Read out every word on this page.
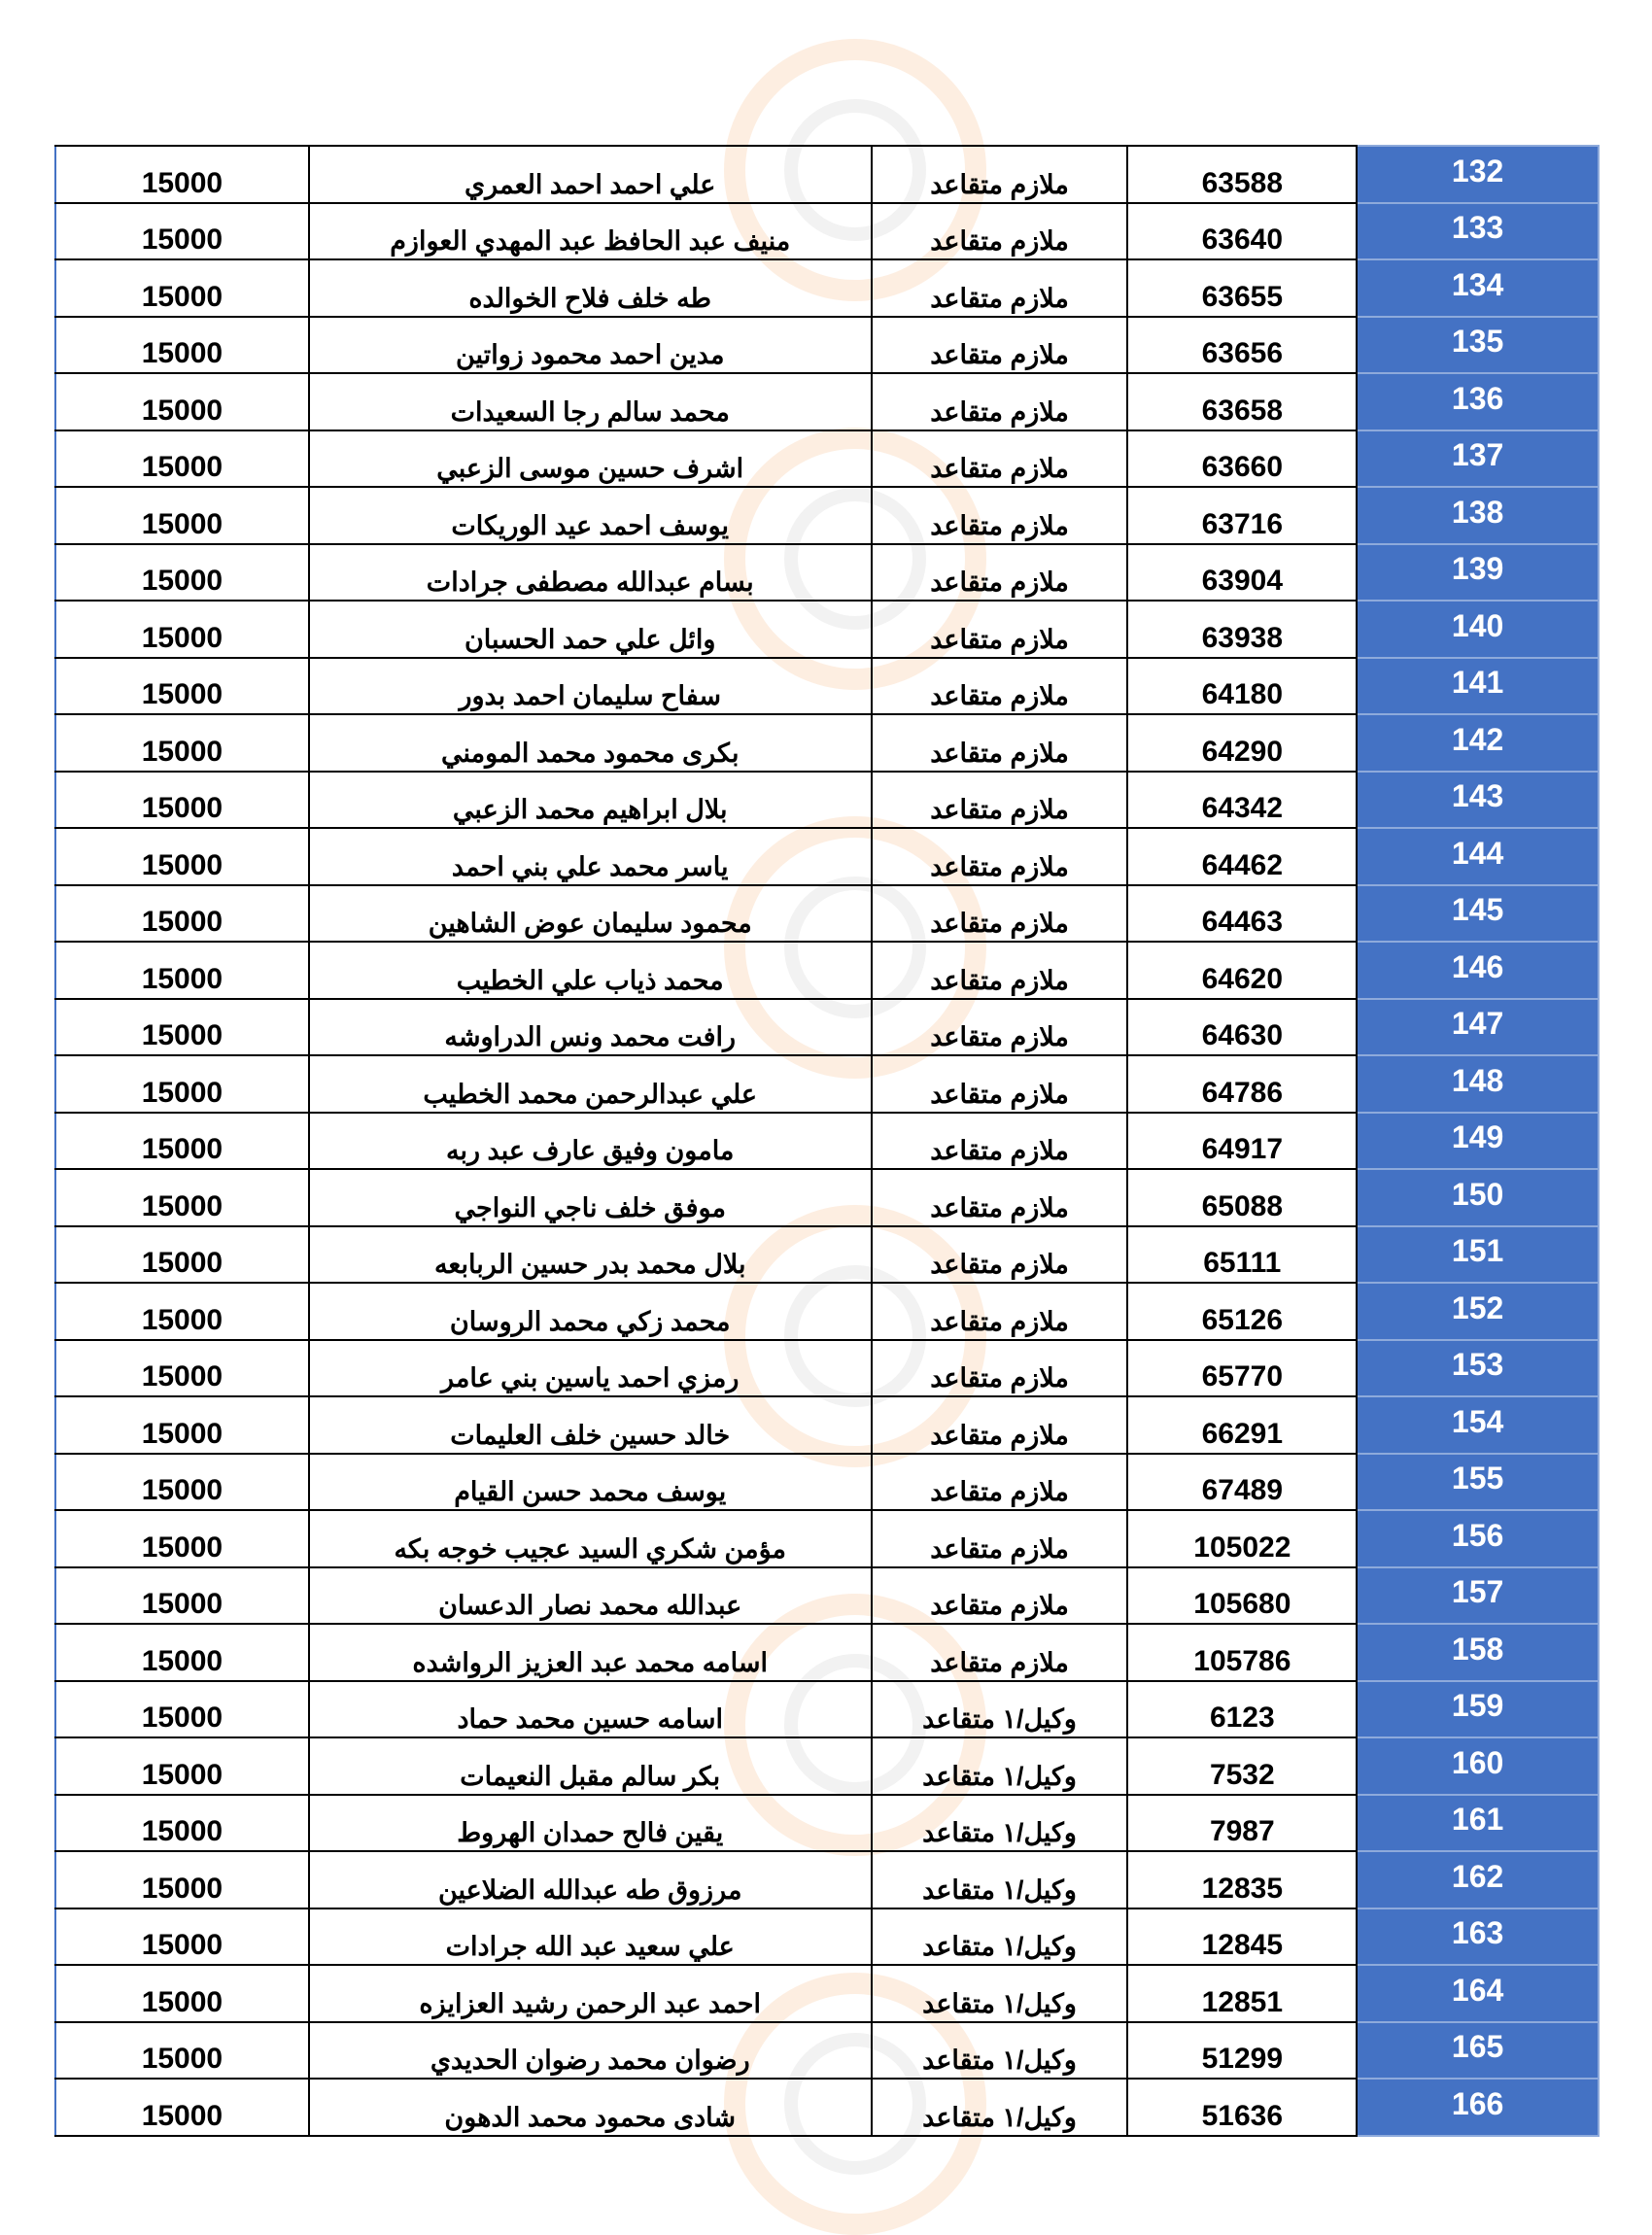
15000	علي احمد احمد العمري	ملازم متقاعد	63588	132
15000	منيف عبد الحافظ عبد المهدي العوازم	ملازم متقاعد	63640	133
15000	طه خلف فلاح الخوالده	ملازم متقاعد	63655	134
15000	مدين احمد محمود زواتين	ملازم متقاعد	63656	135
15000	محمد سالم رجا السعيدات	ملازم متقاعد	63658	136
15000	اشرف حسين موسى الزعبي	ملازم متقاعد	63660	137
15000	يوسف احمد عيد الوريكات	ملازم متقاعد	63716	138
15000	بسام عبدالله مصطفى جرادات	ملازم متقاعد	63904	139
15000	وائل علي حمد الحسبان	ملازم متقاعد	63938	140
15000	سفاح سليمان احمد بدور	ملازم متقاعد	64180	141
15000	بكرى محمود محمد المومني	ملازم متقاعد	64290	142
15000	بلال ابراهيم محمد الزعبي	ملازم متقاعد	64342	143
15000	ياسر محمد علي بني احمد	ملازم متقاعد	64462	144
15000	محمود سليمان عوض الشاهين	ملازم متقاعد	64463	145
15000	محمد ذياب علي الخطيب	ملازم متقاعد	64620	146
15000	رافت محمد ونس الدراوشه	ملازم متقاعد	64630	147
15000	علي عبدالرحمن محمد الخطيب	ملازم متقاعد	64786	148
15000	مامون وفيق عارف عبد ربه	ملازم متقاعد	64917	149
15000	موفق خلف ناجي النواجي	ملازم متقاعد	65088	150
15000	بلال محمد بدر حسين الربابعه	ملازم متقاعد	65111	151
15000	محمد زكي محمد الروسان	ملازم متقاعد	65126	152
15000	رمزي احمد ياسين بني عامر	ملازم متقاعد	65770	153
15000	خالد حسين خلف العليمات	ملازم متقاعد	66291	154
15000	يوسف محمد حسن القيام	ملازم متقاعد	67489	155
15000	مؤمن شكري السيد عجيب خوجه بكه	ملازم متقاعد	105022	156
15000	عبدالله محمد نصار الدعسان	ملازم متقاعد	105680	157
15000	اسامه محمد عبد العزيز الرواشده	ملازم متقاعد	105786	158
15000	اسامه حسين محمد حماد	وكيل/١ متقاعد	6123	159
15000	بكر سالم مقبل النعيمات	وكيل/١ متقاعد	7532	160
15000	يقين فالح حمدان الهروط	وكيل/١ متقاعد	7987	161
15000	مرزوق طه عبدالله الضلاعين	وكيل/١ متقاعد	12835	162
15000	علي سعيد عبد الله جرادات	وكيل/١ متقاعد	12845	163
15000	احمد عبد الرحمن رشيد العزايزه	وكيل/١ متقاعد	12851	164
15000	رضوان محمد رضوان الحديدي	وكيل/١ متقاعد	51299	165
15000	شادى محمود محمد الدهون	وكيل/١ متقاعد	51636	166
